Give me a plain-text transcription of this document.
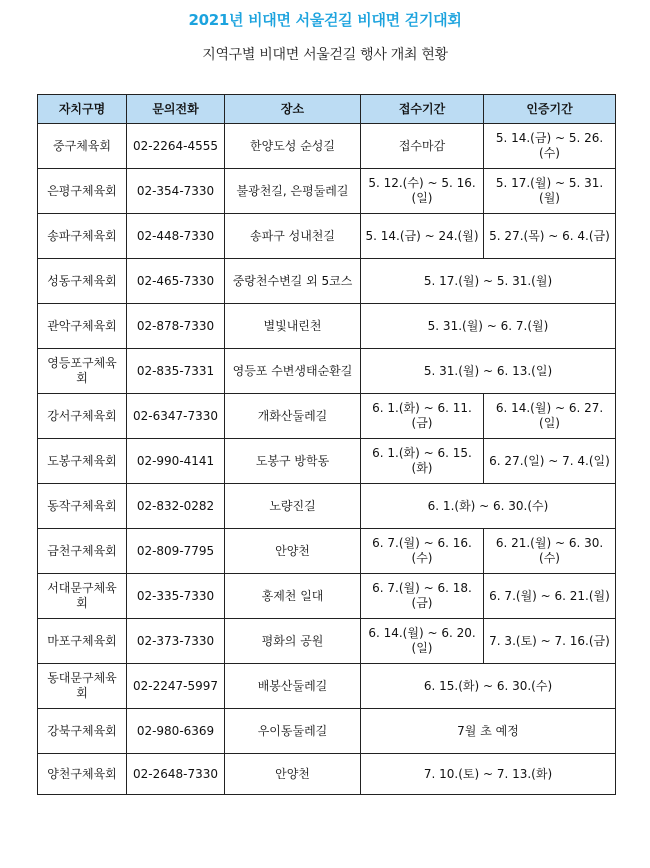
2021년 비대면 서울걷길 비대면 걷기대회
지역구별 비대면 서울걷길 행사 개최 현황
자치구명	문의전화	장소	접수기간	인증기간
중구체육회	02-2264-4555	한양도성 순성길	접수마감	5. 14.(금) ~ 5. 26.(수)
은평구체육회	02-354-7330	불광천길, 은평둘레길	5. 12.(수) ~ 5. 16.(일)	5. 17.(월) ~ 5. 31.(월)
송파구체육회	02-448-7330	송파구 성내천길	5. 14.(금) ~ 24.(월)	5. 27.(목) ~ 6. 4.(금)
성동구체육회	02-465-7330	중랑천수변길 외 5코스	5. 17.(월) ~ 5. 31.(월)	
관악구체육회	02-878-7330	별빛내린천	5. 31.(월) ~ 6. 7.(월)	
영등포구체육회	02-835-7331	영등포 수변생태순환길	5. 31.(월) ~ 6. 13.(일)	
강서구체육회	02-6347-7330	개화산둘레길	6. 1.(화) ~ 6. 11.(금)	6. 14.(월) ~ 6. 27.(일)
도봉구체육회	02-990-4141	도봉구 방학동	6. 1.(화) ~ 6. 15.(화)	6. 27.(일) ~ 7. 4.(일)
동작구체육회	02-832-0282	노량진길	6. 1.(화) ~ 6. 30.(수)	
금천구체육회	02-809-7795	안양천	6. 7.(월) ~ 6. 16.(수)	6. 21.(월) ~ 6. 30.(수)
서대문구체육회	02-335-7330	홍제천 일대	6. 7.(월) ~ 6. 18.(금)	6. 7.(월) ~ 6. 21.(월)
마포구체육회	02-373-7330	평화의 공원	6. 14.(월) ~ 6. 20.(일)	7. 3.(토) ~ 7. 16.(금)
동대문구체육회	02-2247-5997	배봉산둘레길	6. 15.(화) ~ 6. 30.(수)	
강북구체육회	02-980-6369	우이동둘레길	7월 초 예정	
양천구체육회	02-2648-7330	안양천	7. 10.(토) ~ 7. 13.(화)	
